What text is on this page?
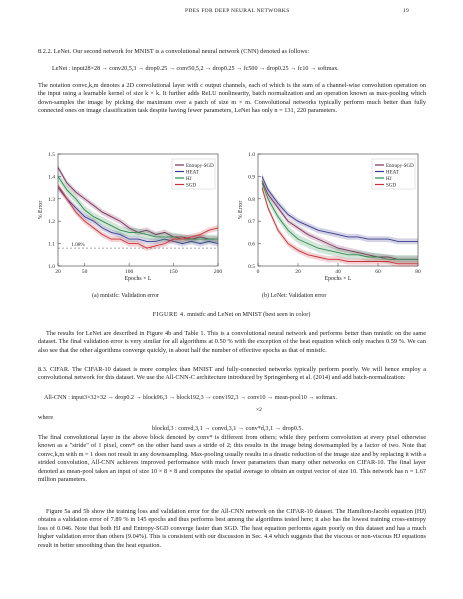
PDES FOR DEEP NEURAL NETWORKS	19
8.2.2. LeNet. Our second network for MNIST is a convolutional neural network (CNN) denoted as follows:
LeNet : input28×28 → conv20,5,3 → drop0.25 → conv50,5,2 → drop0.25 → fc500 → drop0.25 → fc10 → softmax.
The notation convc,k,m denotes a 2D convolutional layer with c output channels, each of which is the sum of a channel-wise convolution operation on the input using a learnable kernel of size k × k. It further adds ReLU nonlinearity, batch normalization and an operation known as max-pooling which down-samples the image by picking the maximum over a patch of size m × m. Convolutional networks typically perform much better than fully connected ones on image classification task despite having fewer parameters, LeNet has only n = 131, 220 parameters.
1.0
1.1
1.2
1.3
1.4
1.5
20	50	100	150	200
Epochs × L
% Error
Entropy-SGD
HEAT
HJ
SGD
1.08%
0.5
0.6
0.7
0.8
0.9
1.0
0	20	40	60	80
Epochs × L
% Error
Entropy-SGD
HEAT
HJ
SGD
(a) mnistfc: Validation error	(b) LeNet: Validation error
FIGURE 4. mnistfc and LeNet on MNIST (best seen in color)
The results for LeNet are described in Figure 4b and Table 1. This is a convolutional neural network and performs better than mnistfc on the same dataset. The final validation error is very similar for all algorithms at 0.50 % with the exception of the heat equation which only reaches 0.59 %. We can also see that the other algorithms converge quickly, in about half the number of effective epochs as that of mnistfc.
8.3. CIFAR. The CIFAR-10 dataset is more complex than MNIST and fully-connected networks typically perform poorly. We will hence employ a convolutional network for this dataset. We use the All-CNN-C architecture introduced by Springenberg et al. (2014) and add batch-normalization:
All-CNN : input3×32×32 → drop0.2 → block96,3 → block192,3 → conv192,3 → conv10 → mean-pool10 → softmax.
×2
where
blockd,3 : convd,3,1 → convd,3,1 → conv*d,3,1 → drop0.5.
The final convolutional layer in the above block denoted by conv* is different from others; while they perform convolution at every pixel otherwise known as a "stride" of 1 pixel, conv* on the other hand uses a stride of 2; this results in the image being downsampled by a factor of two. Note that convc,k,m with m = 1 does not result in any downsampling. Max-pooling usually results in a drastic reduction of the image size and by replacing it with a strided convolution, All-CNN achieves improved performance with much fewer parameters than many other networks on CIFAR-10. The final layer denoted as mean-pool takes an input of size 10 × 8 × 8 and computes the spatial average to obtain an output vector of size 10. This network has n = 1.67 million parameters.
Figure 5a and 5b show the training loss and validation error for the All-CNN network on the CIFAR-10 dataset. The Hamilton-Jacobi equation (HJ) obtains a validation error of 7.89 % in 145 epochs and thus performs best among the algorithms tested here; it also has the lowest training cross-entropy loss of 0.046. Note that both HJ and Entropy-SGD converge faster than SGD. The heat equation performs again poorly on this dataset and has a much higher validation error than others (9.04%). This is consistent with our discussion in Sec. 4.4 which suggests that the viscous or non-viscous HJ equations result in better smoothing than the heat equation.
